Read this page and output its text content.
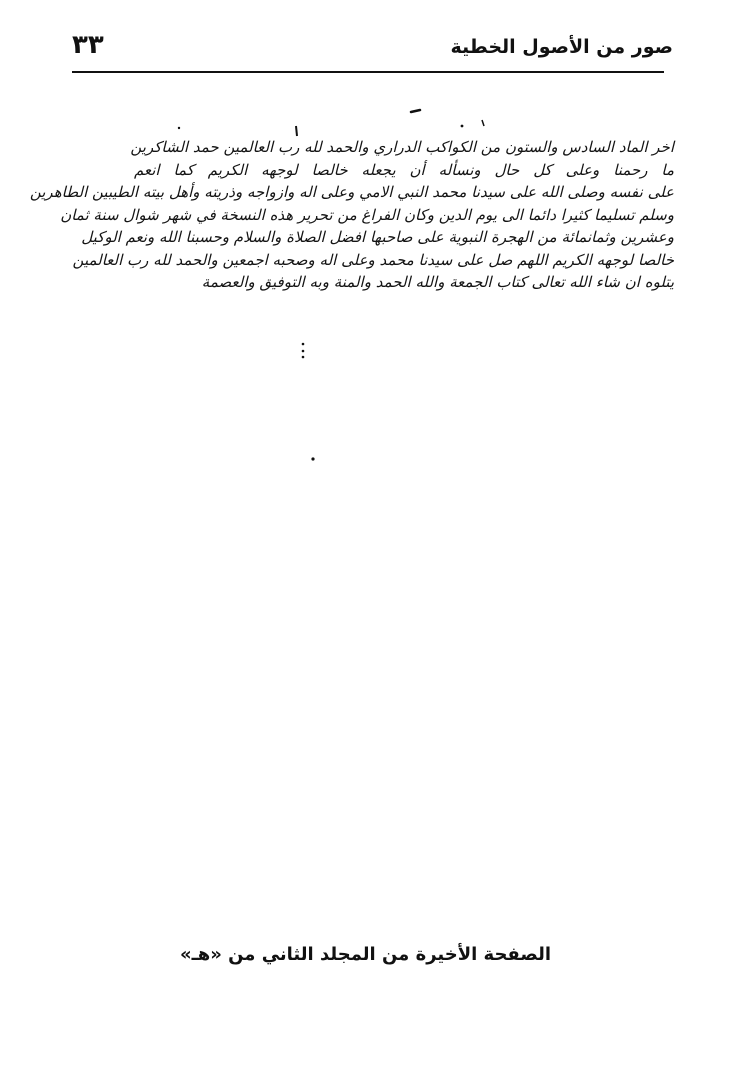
٣٣	صور من الأصول الخطية
اخر الماد السادس والستون من الكواكب الدراري والحمد لله رب العالمين حمد الشاكرين
ما رحمنا وعلى كل حال ونسأله أن يجعله خالصا لوجهه الكريم كما انعم
على نفسه وصلى الله على سيدنا محمد النبي الامي وعلى اله وازواجه وذريته وأهل بيته الطيبين الطاهرين
وسلم تسليما كثيرا دائما الى يوم الدين وكان الفراغ من تحرير هذه النسخة في شهر شوال سنة ثمان
وعشرين وثمانمائة من الهجرة النبوية على صاحبها افضل الصلاة والسلام وحسبنا الله ونعم الوكيل
خالصا لوجهه الكريم اللهم صل على سيدنا محمد وعلى اله وصحبه اجمعين والحمد لله رب العالمين
يتلوه ان شاء الله تعالى كتاب الجمعة والله الحمد والمنة وبه التوفيق والعصمة
الصفحة الأخيرة من المجلد الثاني من «هـ»
